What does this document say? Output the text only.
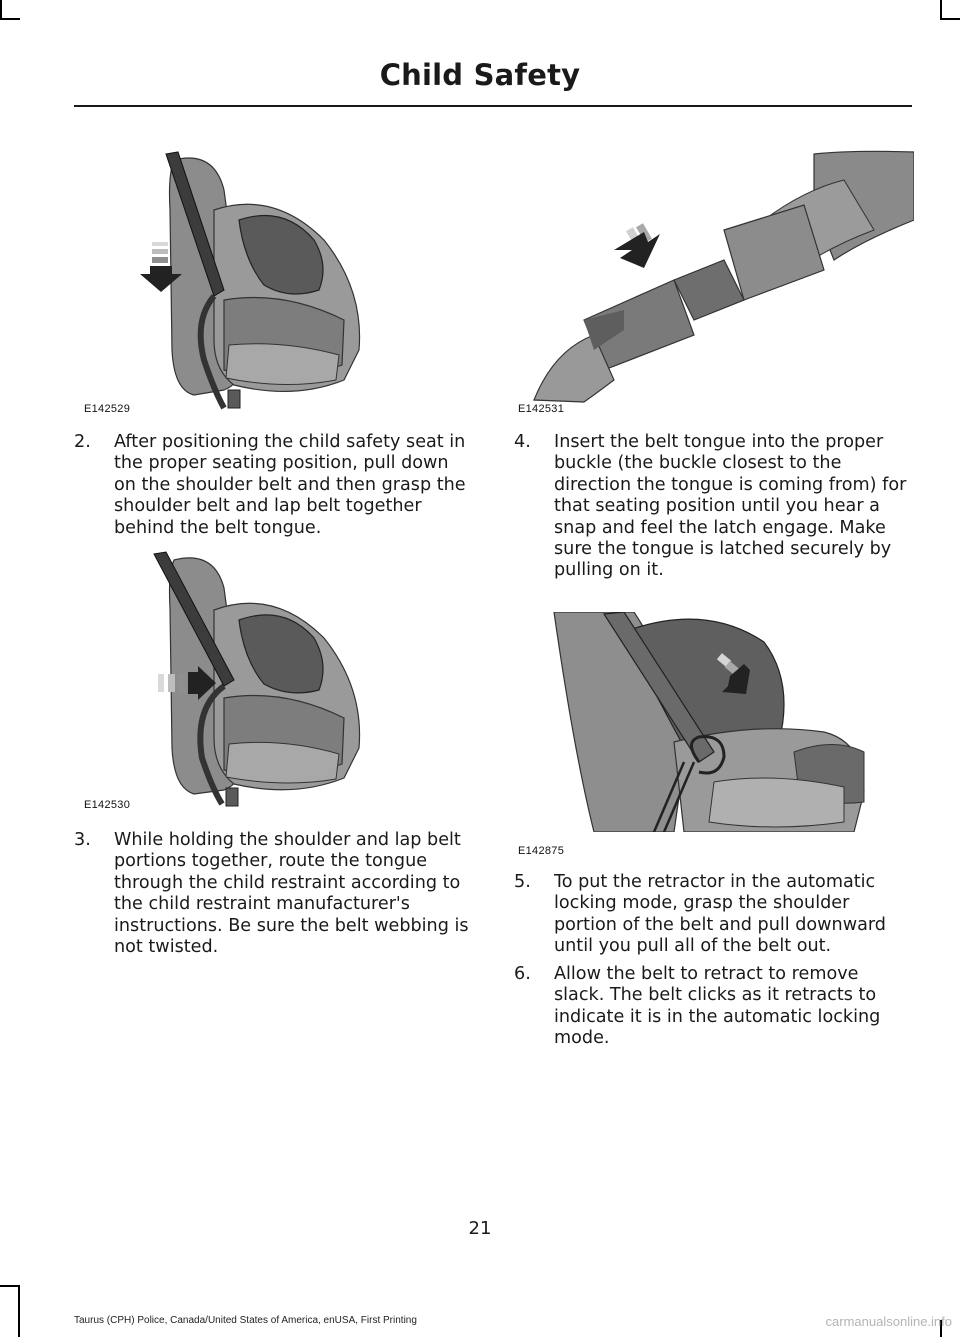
Child Safety
E142529	E142531
2. After positioning the child safety seat in the proper seating position, pull down on the shoulder belt and then grasp the shoulder belt and lap belt together behind the belt tongue.
4. Insert the belt tongue into the proper buckle (the buckle closest to the direction the tongue is coming from) for that seating position until you hear a snap and feel the latch engage. Make sure the tongue is latched securely by pulling on it.
E142530
E142875
3. While holding the shoulder and lap belt portions together, route the tongue through the child restraint according to the child restraint manufacturer's instructions. Be sure the belt webbing is not twisted.
5. To put the retractor in the automatic locking mode, grasp the shoulder portion of the belt and pull downward until you pull all of the belt out.
6. Allow the belt to retract to remove slack. The belt clicks as it retracts to indicate it is in the automatic locking mode.
21
Taurus (CPH) Police, Canada/United States of America, enUSA, First Printing	carmanualsonline.info
